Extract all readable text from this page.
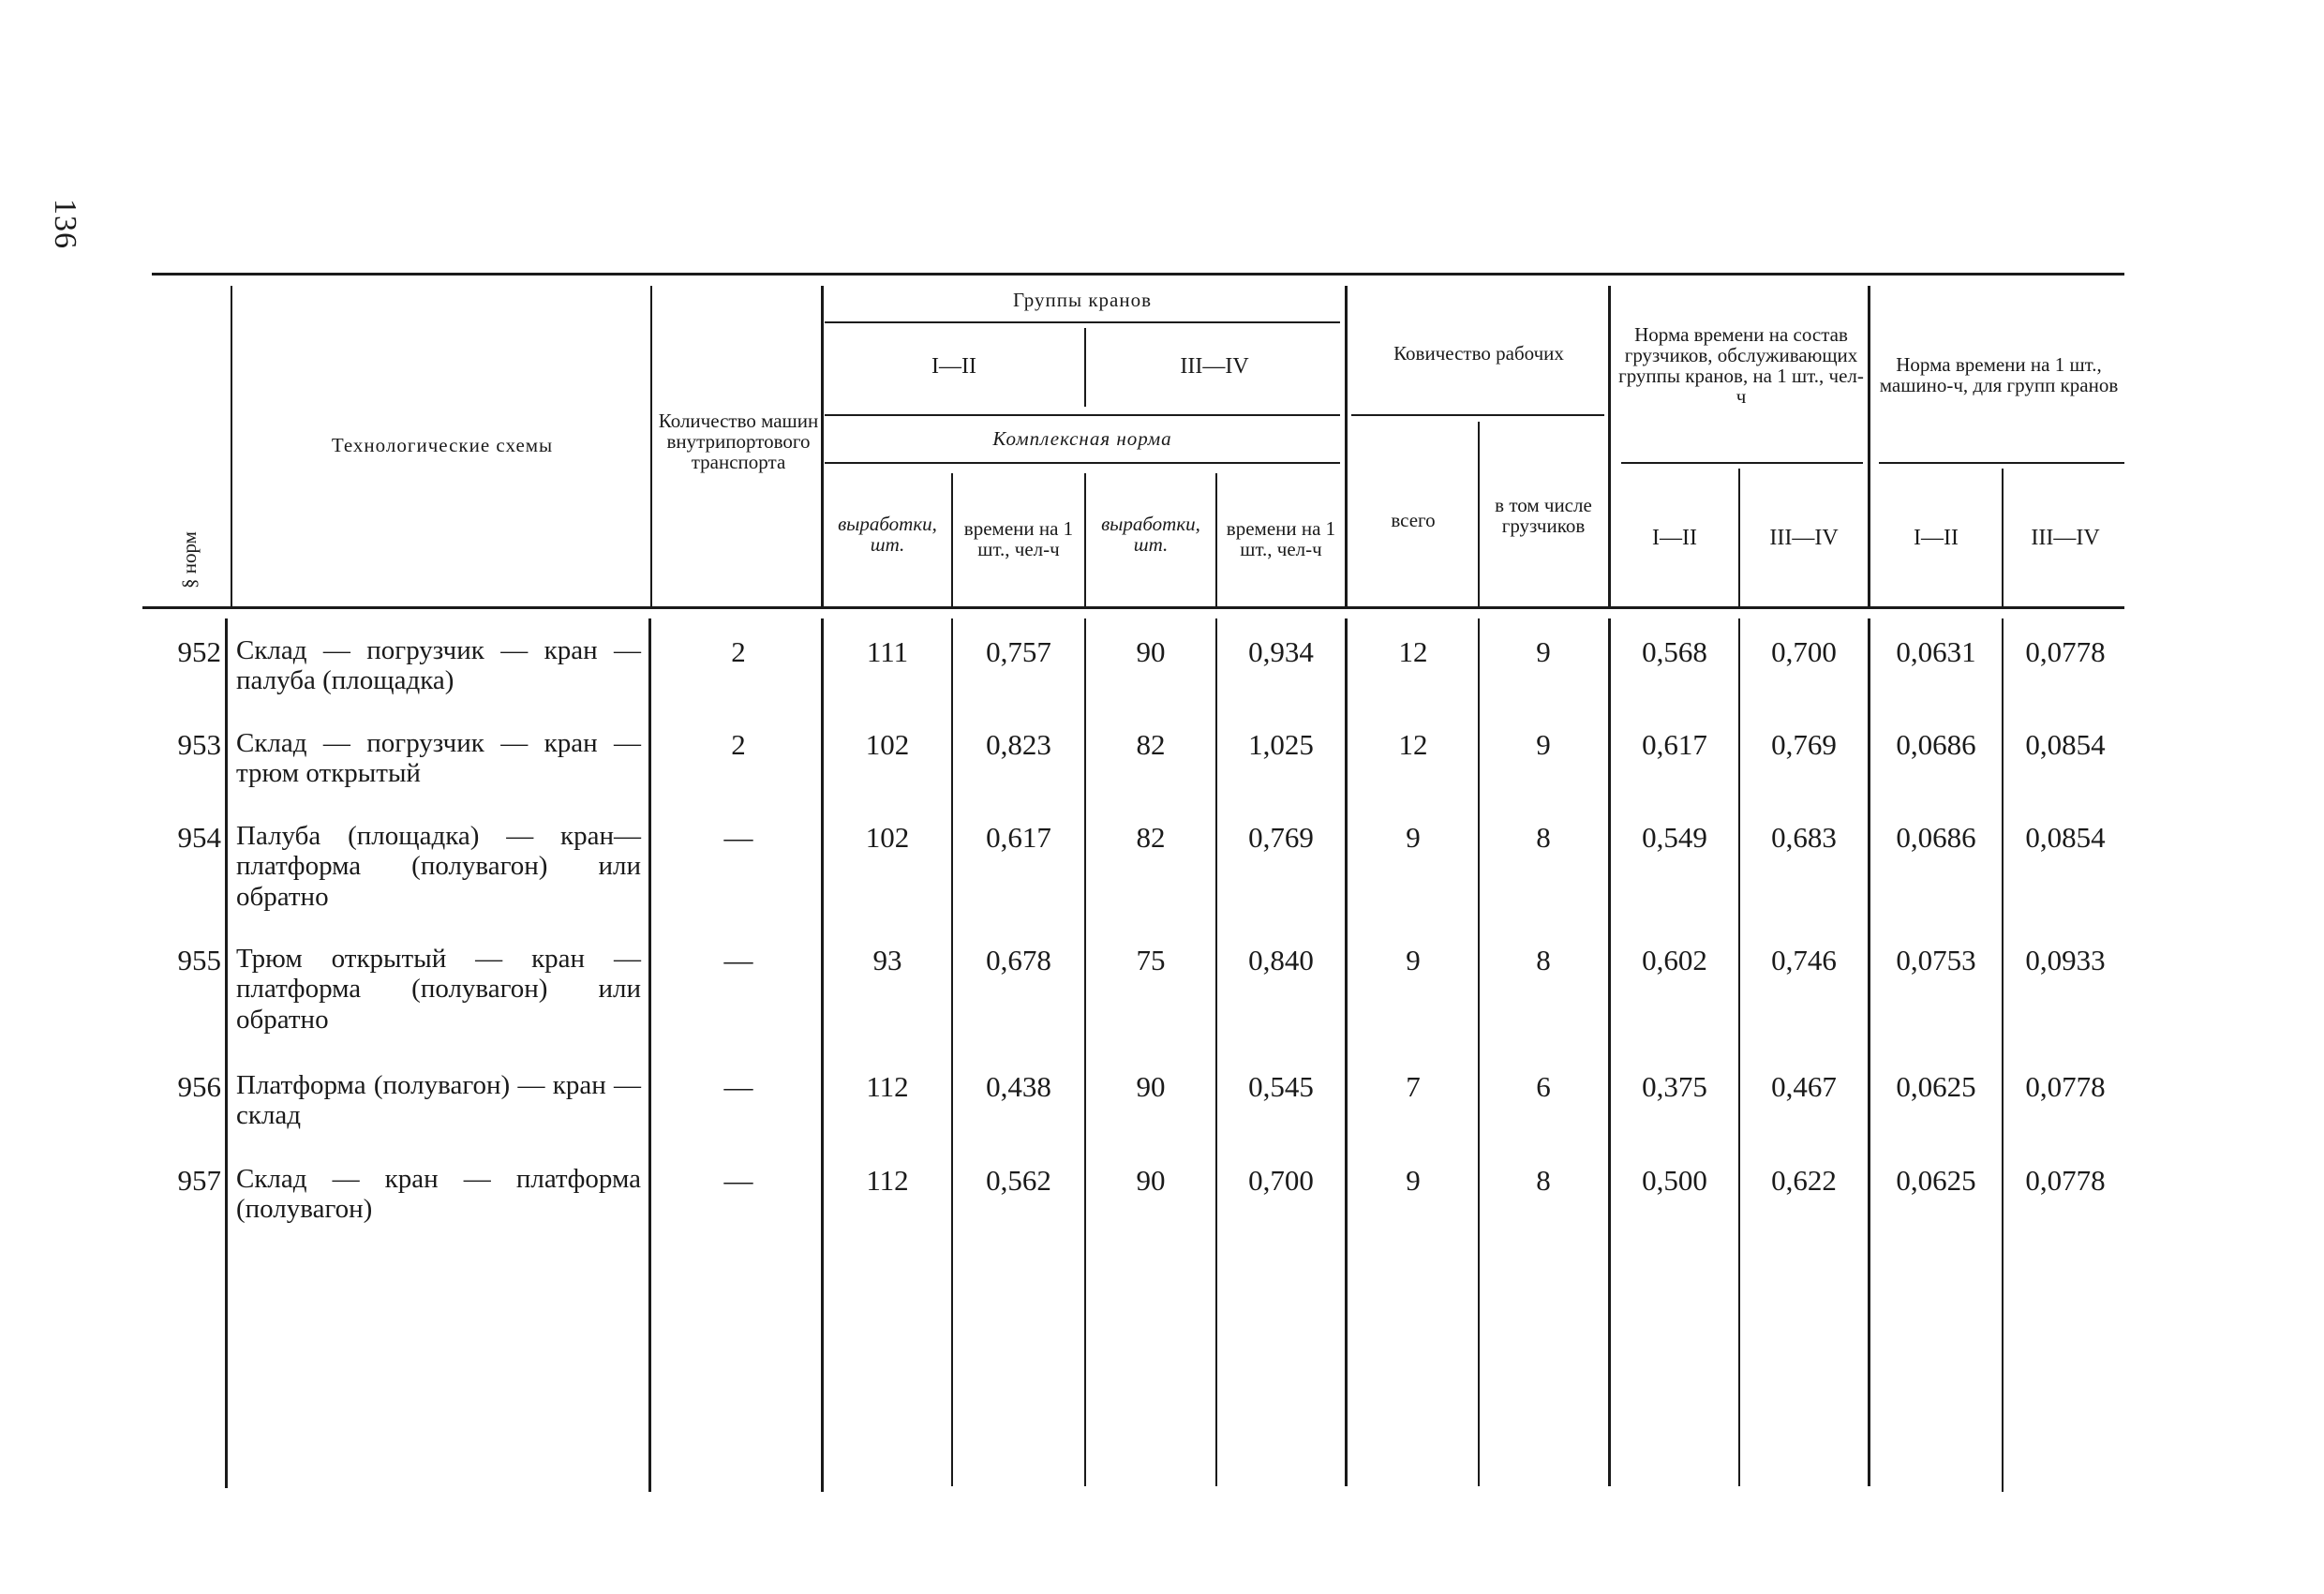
136
§ норм
Технологические схемы
Количество машин внутрипортового транспорта
Группы кранов
I—II	III—IV
Комплексная норма
выработки, шт.
времени на 1 шт., чел-ч
выработки, шт.
времени на 1 шт., чел-ч
Ковичество рабочих
всего
в том числе грузчиков
Норма времени на состав грузчиков, обслуживающих группы кранов, на 1 шт., чел-ч
I—II	III—IV
Норма времени на 1 шт., машино-ч, для групп кранов
I—II	III—IV
952 Склад — погрузчик — кран — палуба (площадка)
2	111	0,757	90	0,934	12	9	0,568	0,700	0,0631	0,0778
953 Склад — погрузчик — кран — трюм открытый
2	102	0,823	82	1,025	12	9	0,617	0,769	0,0686	0,0854
954 Палуба (площадка) — кран— платформа (полувагон) или обратно
—	102	0,617	82	0,769	9	8	0,549	0,683	0,0686	0,0854
955 Трюм открытый — кран — платформа (полувагон) или обратно
—	93	0,678	75	0,840	9	8	0,602	0,746	0,0753	0,0933
956 Платформа (полувагон) — кран — склад
—	112	0,438	90	0,545	7	6	0,375	0,467	0,0625	0,0778
957 Склад — кран — платформа (полувагон)
—	112	0,562	90	0,700	9	8	0,500	0,622	0,0625	0,0778
